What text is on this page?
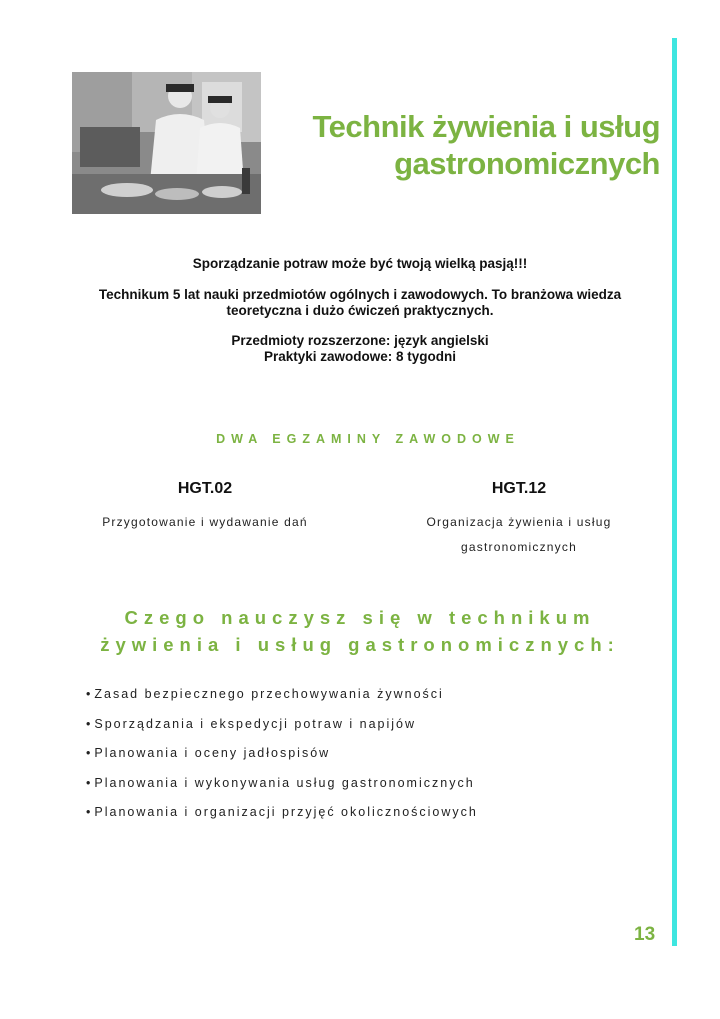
Technik żywienia i usług
gastronomicznych
Sporządzanie potraw może być twoją wielką pasją!!!
Technikum 5 lat nauki przedmiotów ogólnych i zawodowych. To branżowa wiedza
teoretyczna i dużo ćwiczeń praktycznych.
Przedmioty rozszerzone: język angielski
Praktyki zawodowe: 8 tygodni
DWA EGZAMINY ZAWODOWE
HGT.02
Przygotowanie i wydawanie dań
HGT.12
Organizacja żywienia i usług
gastronomicznych
Czego nauczysz się w technikum
żywienia i usług gastronomicznych:
• Zasad bezpiecznego przechowywania żywności
• Sporządzania i ekspedycji potraw i napijów
• Planowania i oceny jadłospisów
• Planowania i wykonywania usług gastronomicznych
• Planowania i organizacji przyjęć okolicznościowych
13
